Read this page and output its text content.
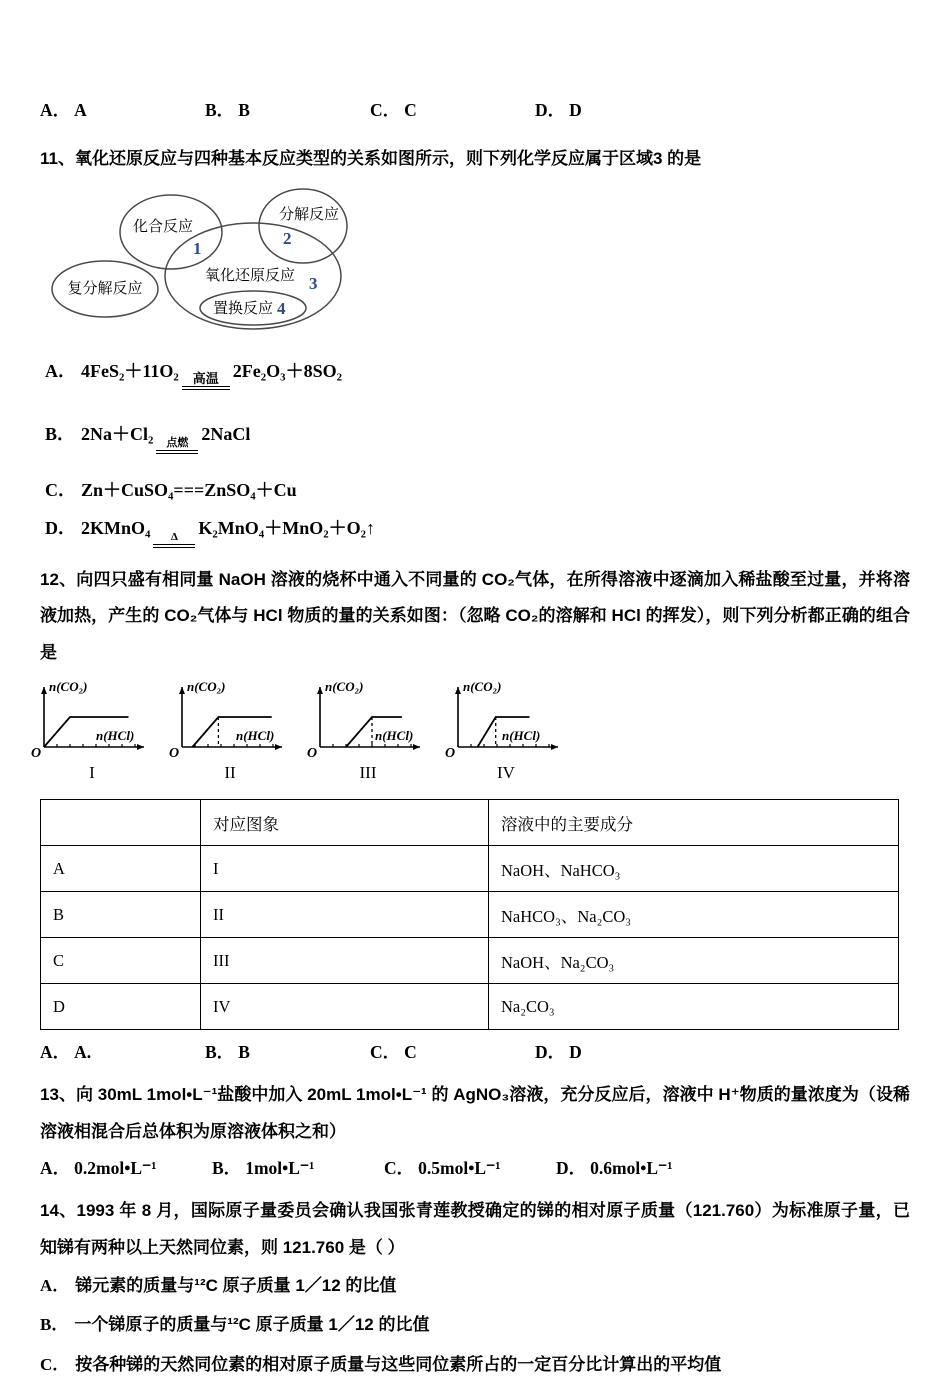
A． A	B． B	C． C	D． D

11、氧化还原反应与四种基本反应类型的关系如图所示，则下列化学反应属于区域3 的是

化合反应
1
分解反应
2
复分解反应
氧化还原反应 3
置换反应 4
A． 4FeS₂＋11O₂ 高温 2Fe₂O₃＋8SO₂
B． 2Na＋Cl₂ 点燃 2NaCl
C． Zn＋CuSO₄===ZnSO₄＋Cu
D． 2KMnO₄ Δ K₂MnO₄＋MnO₂＋O₂↑

12、向四只盛有相同量 NaOH 溶液的烧杯中通入不同量的 CO₂气体，在所得溶液中逐滴加入稀盐酸至过量，并将溶液加热，产生的 CO₂气体与 HCl 物质的量的关系如图：（忽略 CO₂的溶解和 HCl 的挥发），则下列分析都正确的组合是

n(CO₂)
n(HCl)
O
I
n(CO₂)
n(HCl)
O
II
n(CO₂)
n(HCl)
O
III
n(CO₂)
n(HCl)
O
IV
	对应图象	溶液中的主要成分
A	I	NaOH、NaHCO₃
B	II	NaHCO₃、Na₂CO₃
C	III	NaOH、Na₂CO₃
D	IV	Na₂CO₃
A． A.	B． B	C． C	D． D

13、向 30mL 1mol•L⁻¹盐酸中加入 20mL 1mol•L⁻¹ 的 AgNO₃溶液，充分反应后，溶液中 H⁺物质的量浓度为（设稀溶液相混合后总体积为原溶液体积之和）

A． 0.2mol•L⁻¹	B． 1mol•L⁻¹	C． 0.5mol•L⁻¹	D． 0.6mol•L⁻¹

14、1993 年 8 月，国际原子量委员会确认我国张青莲教授确定的锑的相对原子质量（121.760）为标准原子量，已知锑有两种以上天然同位素，则 121.760 是（ ）

A． 锑元素的质量与¹²C 原子质量 1／12 的比值

B． 一个锑原子的质量与¹²C 原子质量 1／12 的比值

C． 按各种锑的天然同位素的相对原子质量与这些同位素所占的一定百分比计算出的平均值
